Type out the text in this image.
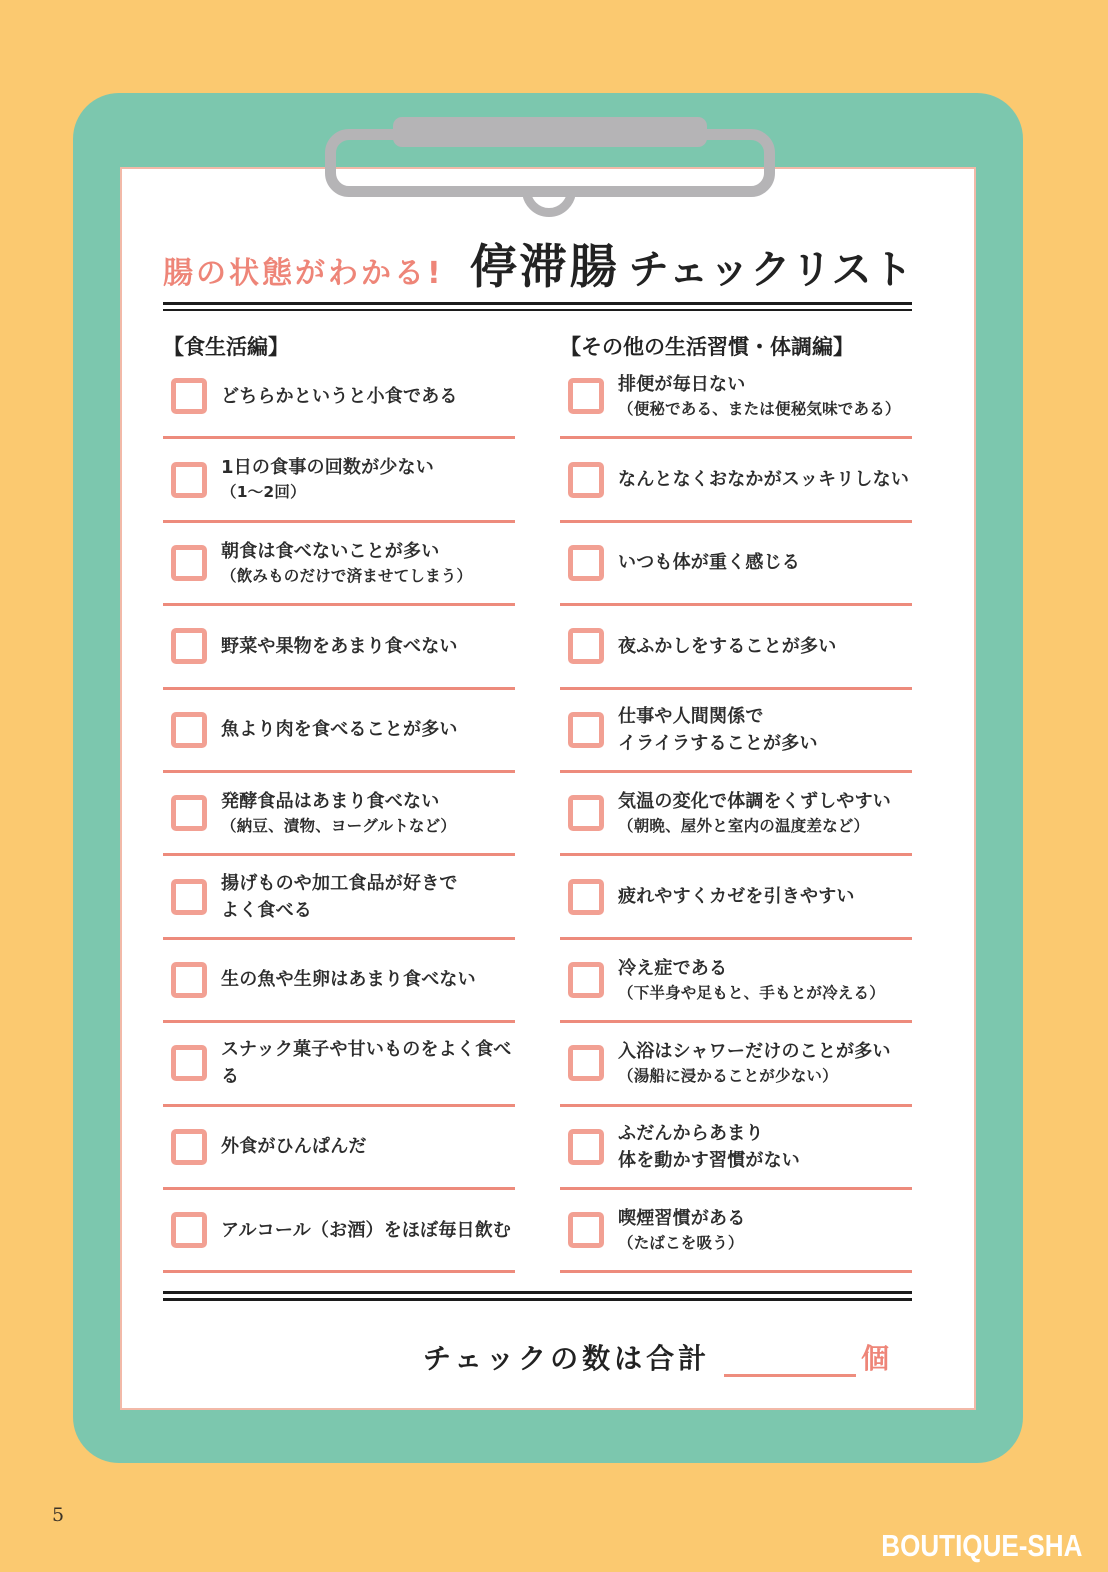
腸の状態がわかる! 停滞腸 チェックリスト
【食生活編】	【その他の生活習慣・体調編】
どちらかというと小食である
1日の食事の回数が少ない
（1〜2回）
朝食は食べないことが多い
（飲みものだけで済ませてしまう）
野菜や果物をあまり食べない
魚より肉を食べることが多い
発酵食品はあまり食べない
（納豆、漬物、ヨーグルトなど）
揚げものや加工食品が好きで
よく食べる
生の魚や生卵はあまり食べない
スナック菓子や甘いものをよく食べる
外食がひんぱんだ
アルコール（お酒）をほぼ毎日飲む
排便が毎日ない
（便秘である、または便秘気味である）
なんとなくおなかがスッキリしない
いつも体が重く感じる
夜ふかしをすることが多い
仕事や人間関係で
イライラすることが多い
気温の変化で体調をくずしやすい
（朝晩、屋外と室内の温度差など）
疲れやすくカゼを引きやすい
冷え症である
（下半身や足もと、手もとが冷える）
入浴はシャワーだけのことが多い
（湯船に浸かることが少ない）
ふだんからあまり
体を動かす習慣がない
喫煙習慣がある
（たばこを吸う）
チェックの数は合計	個
5
BOUTIQUE-SHA
